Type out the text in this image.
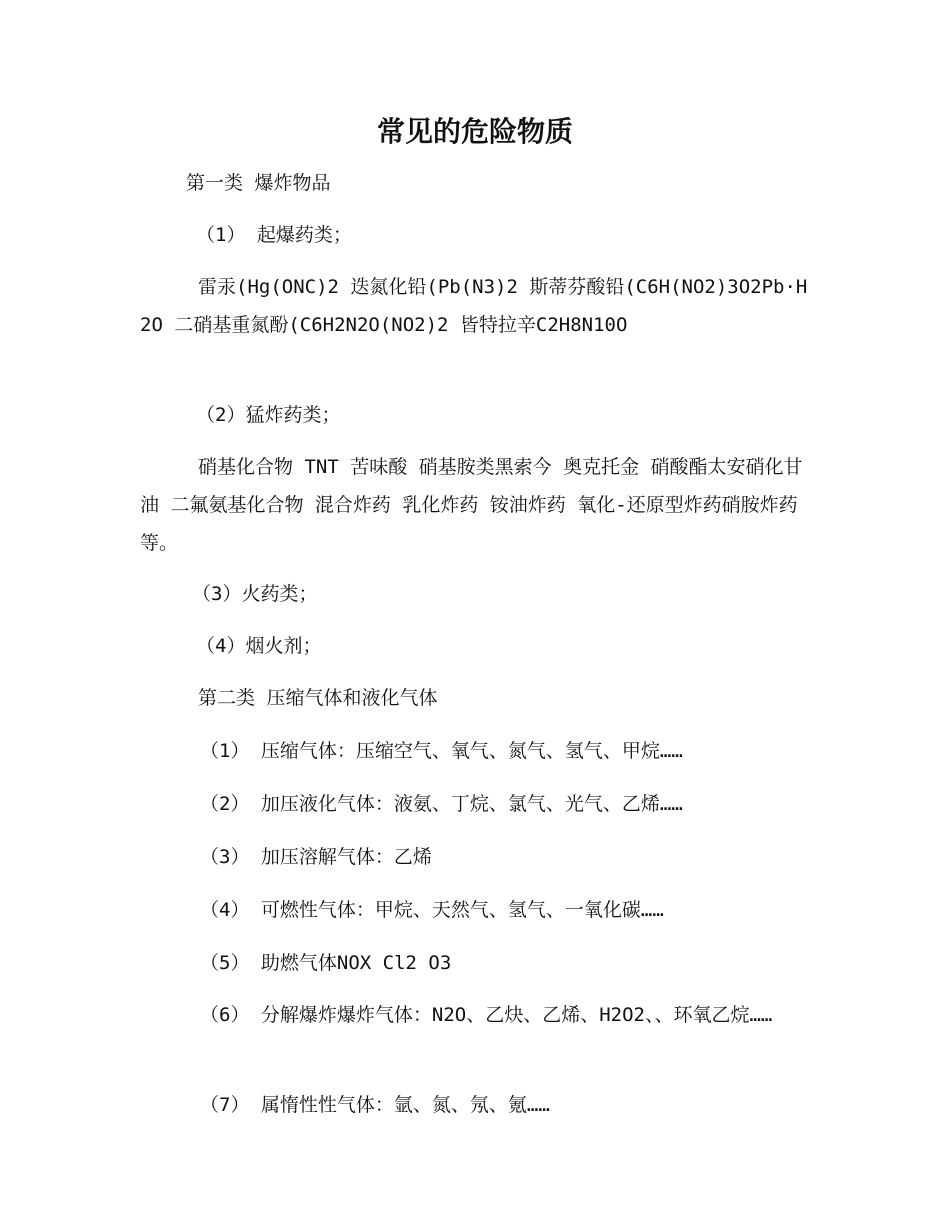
常见的危险物质
第一类 爆炸物品
（1） 起爆药类；
雷汞(Hg(ONC)2 迭氮化铅(Pb(N3)2 斯蒂芬酸铅(C6H(NO2)3O2Pb·H2O 二硝基重氮酚(C6H2N2O(NO2)2 皆特拉辛C2H8N10O
（2）猛炸药类；
硝基化合物 TNT 苦味酸 硝基胺类黑索今 奥克托金 硝酸酯太安硝化甘油 二氟氨基化合物 混合炸药 乳化炸药 铵油炸药 氧化-还原型炸药硝胺炸药等。
（3）火药类；
（4）烟火剂；
第二类 压缩气体和液化气体
（1） 压缩气体：压缩空气、氧气、氮气、氢气、甲烷……
（2） 加压液化气体：液氨、丁烷、氯气、光气、乙烯……
（3） 加压溶解气体：乙烯
（4） 可燃性气体：甲烷、天然气、氢气、一氧化碳……
（5） 助燃气体NOX Cl2 O3
（6） 分解爆炸爆炸气体：N2O、乙炔、乙烯、H2O2、、环氧乙烷……
（7） 属惰性性气体：氩、氮、氖、氪……
